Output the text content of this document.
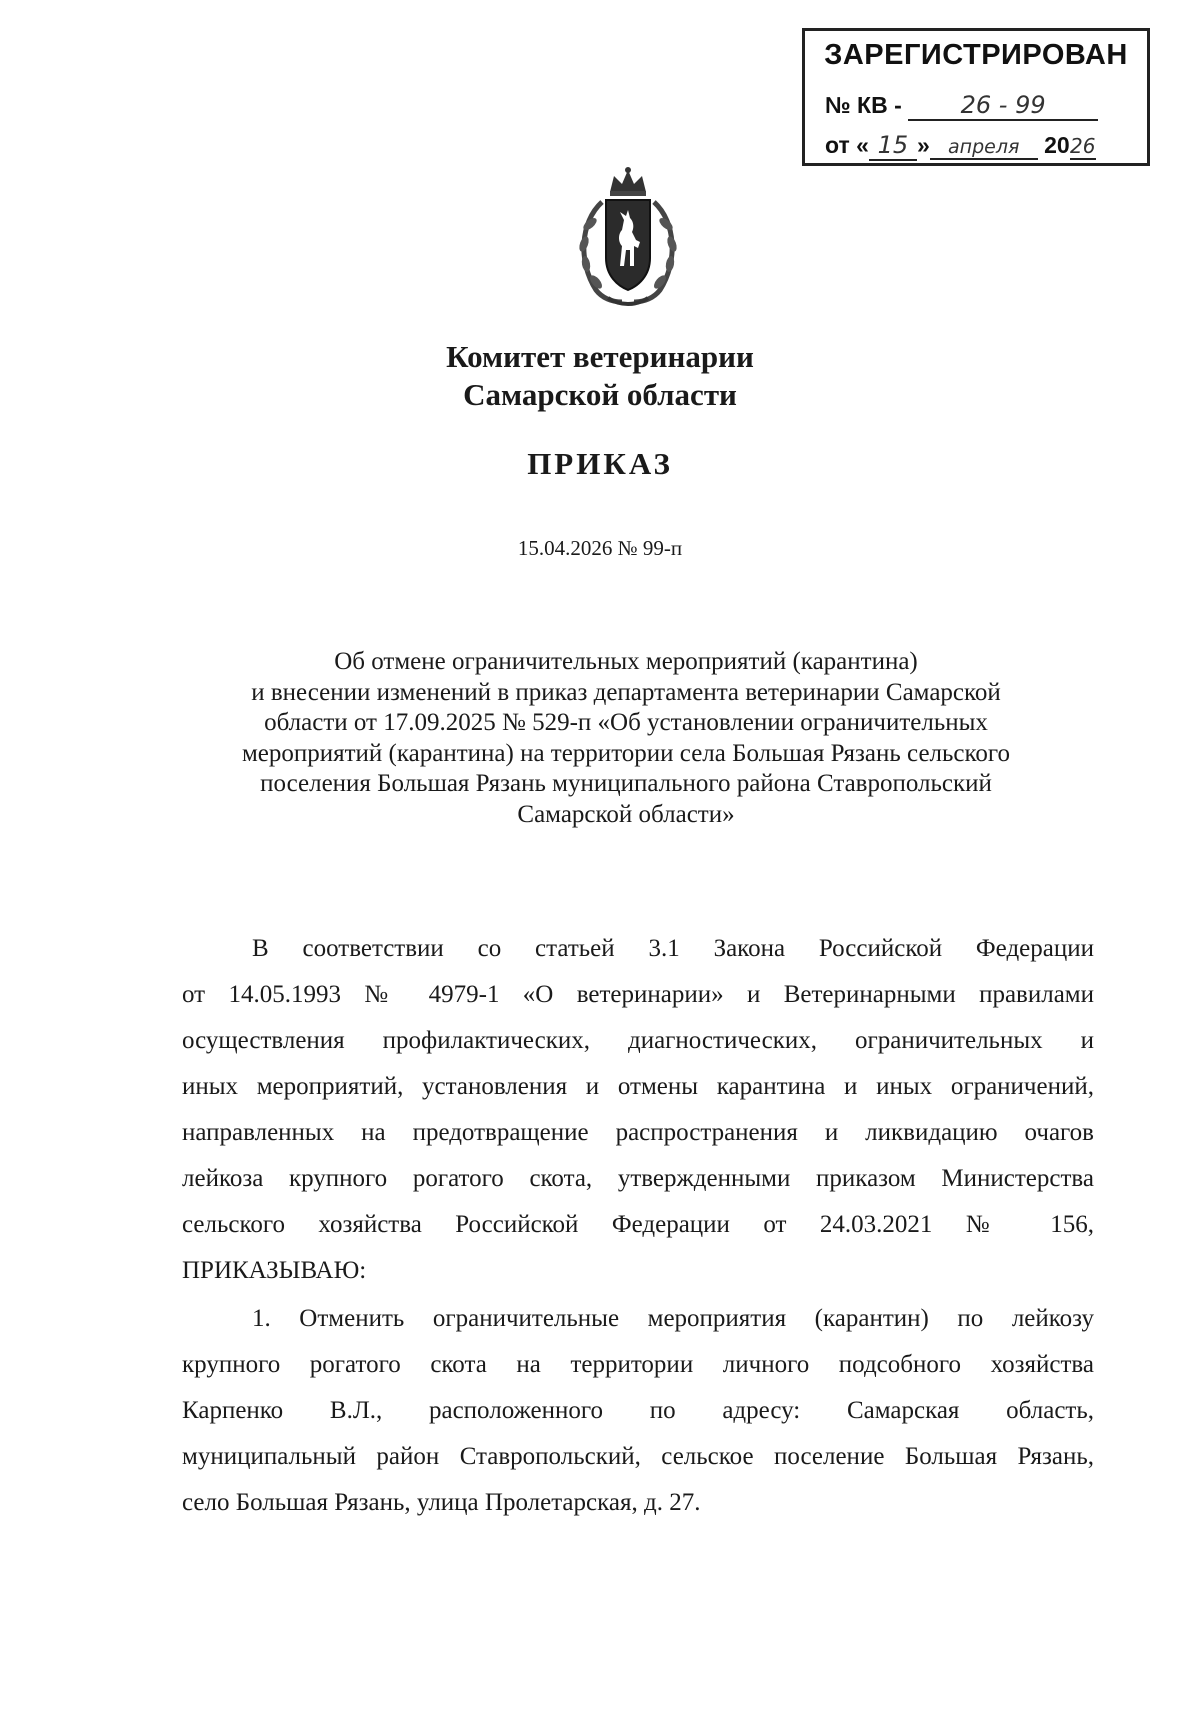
ЗАРЕГИСТРИРОВАН
№ КВ - 26 - 99
от « 15 » апреля 2026
Комитет ветеринарии
Самарской области
ПРИКАЗ
15.04.2026 № 99-п
Об отмене ограничительных мероприятий (карантина)
и внесении изменений в приказ департамента ветеринарии Самарской
области от 17.09.2025 № 529-п «Об установлении ограничительных
мероприятий (карантина) на территории села Большая Рязань сельского
поселения Большая Рязань муниципального района Ставропольский
Самарской области»
В соответствии со статьей 3.1 Закона Российской Федерации
от 14.05.1993 № 4979-1 «О ветеринарии» и Ветеринарными правилами
осуществления профилактических, диагностических, ограничительных и
иных мероприятий, установления и отмены карантина и иных ограничений,
направленных на предотвращение распространения и ликвидацию очагов
лейкоза крупного рогатого скота, утвержденными приказом Министерства
сельского хозяйства Российской Федерации от 24.03.2021 № 156,
ПРИКАЗЫВАЮ:
1. Отменить ограничительные мероприятия (карантин) по лейкозу
крупного рогатого скота на территории личного подсобного хозяйства
Карпенко В.Л., расположенного по адресу: Самарская область,
муниципальный район Ставропольский, сельское поселение Большая Рязань,
село Большая Рязань, улица Пролетарская, д. 27.
